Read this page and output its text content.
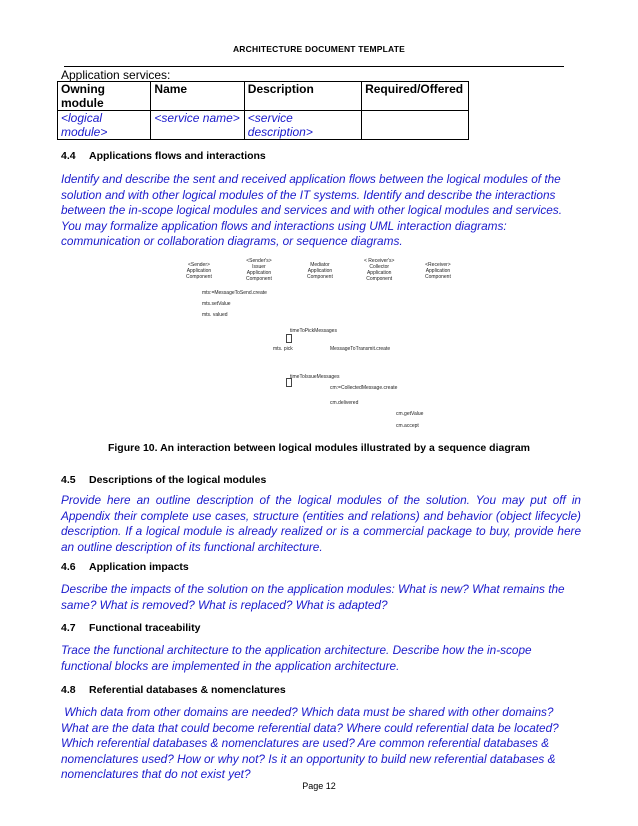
ARCHITECTURE DOCUMENT TEMPLATE
Application services:
Owning module	Name	Description	Required/Offered
<logical module>	<service name>	<service description>	
4.4 Applications flows and interactions
Identify and describe the sent and received application flows between the logical modules of the solution and with other logical modules of the IT systems. Identify and describe the interactions between the in-scope logical modules and services and with other logical modules and services. You may formalize application flows and interactions using UML interaction diagrams: communication or collaboration diagrams, or sequence diagrams.
<Sender>
Application
Component
<Sender's>
Issuer
Application
Component
Mediator
Application
Component
< Receiver's>
Collector
Application
Component
<Receiver>
Application
Component
mts:=MessageToSend.create
mts.setValue
mts. valued
timeToPickMessages
mts. pick	MessageToTransmit.create
timeToIssueMessages
cm:=CollectedMessage.create
cm.delivered
cm.getValue
cm.accept
Figure 10. An interaction between logical modules illustrated by a sequence diagram
4.5 Descriptions of the logical modules
Provide here an outline description of the logical modules of the solution. You may put off in Appendix their complete use cases, structure (entities and relations) and behavior (object lifecycle) description. If a logical module is already realized or is a commercial package to buy, provide here an outline description of its functional architecture.
4.6 Application impacts
Describe the impacts of the solution on the application modules: What is new? What remains the same? What is removed? What is replaced? What is adapted?
4.7 Functional traceability
Trace the functional architecture to the application architecture. Describe how the in-scope functional blocks are implemented in the application architecture.
4.8 Referential databases & nomenclatures
Which data from other domains are needed? Which data must be shared with other domains? What are the data that could become referential data? Where could referential data be located? Which referential databases & nomenclatures are used? Are common referential databases & nomenclatures used? How or why not? Is it an opportunity to build new referential databases & nomenclatures that do not exist yet?
Page 12
